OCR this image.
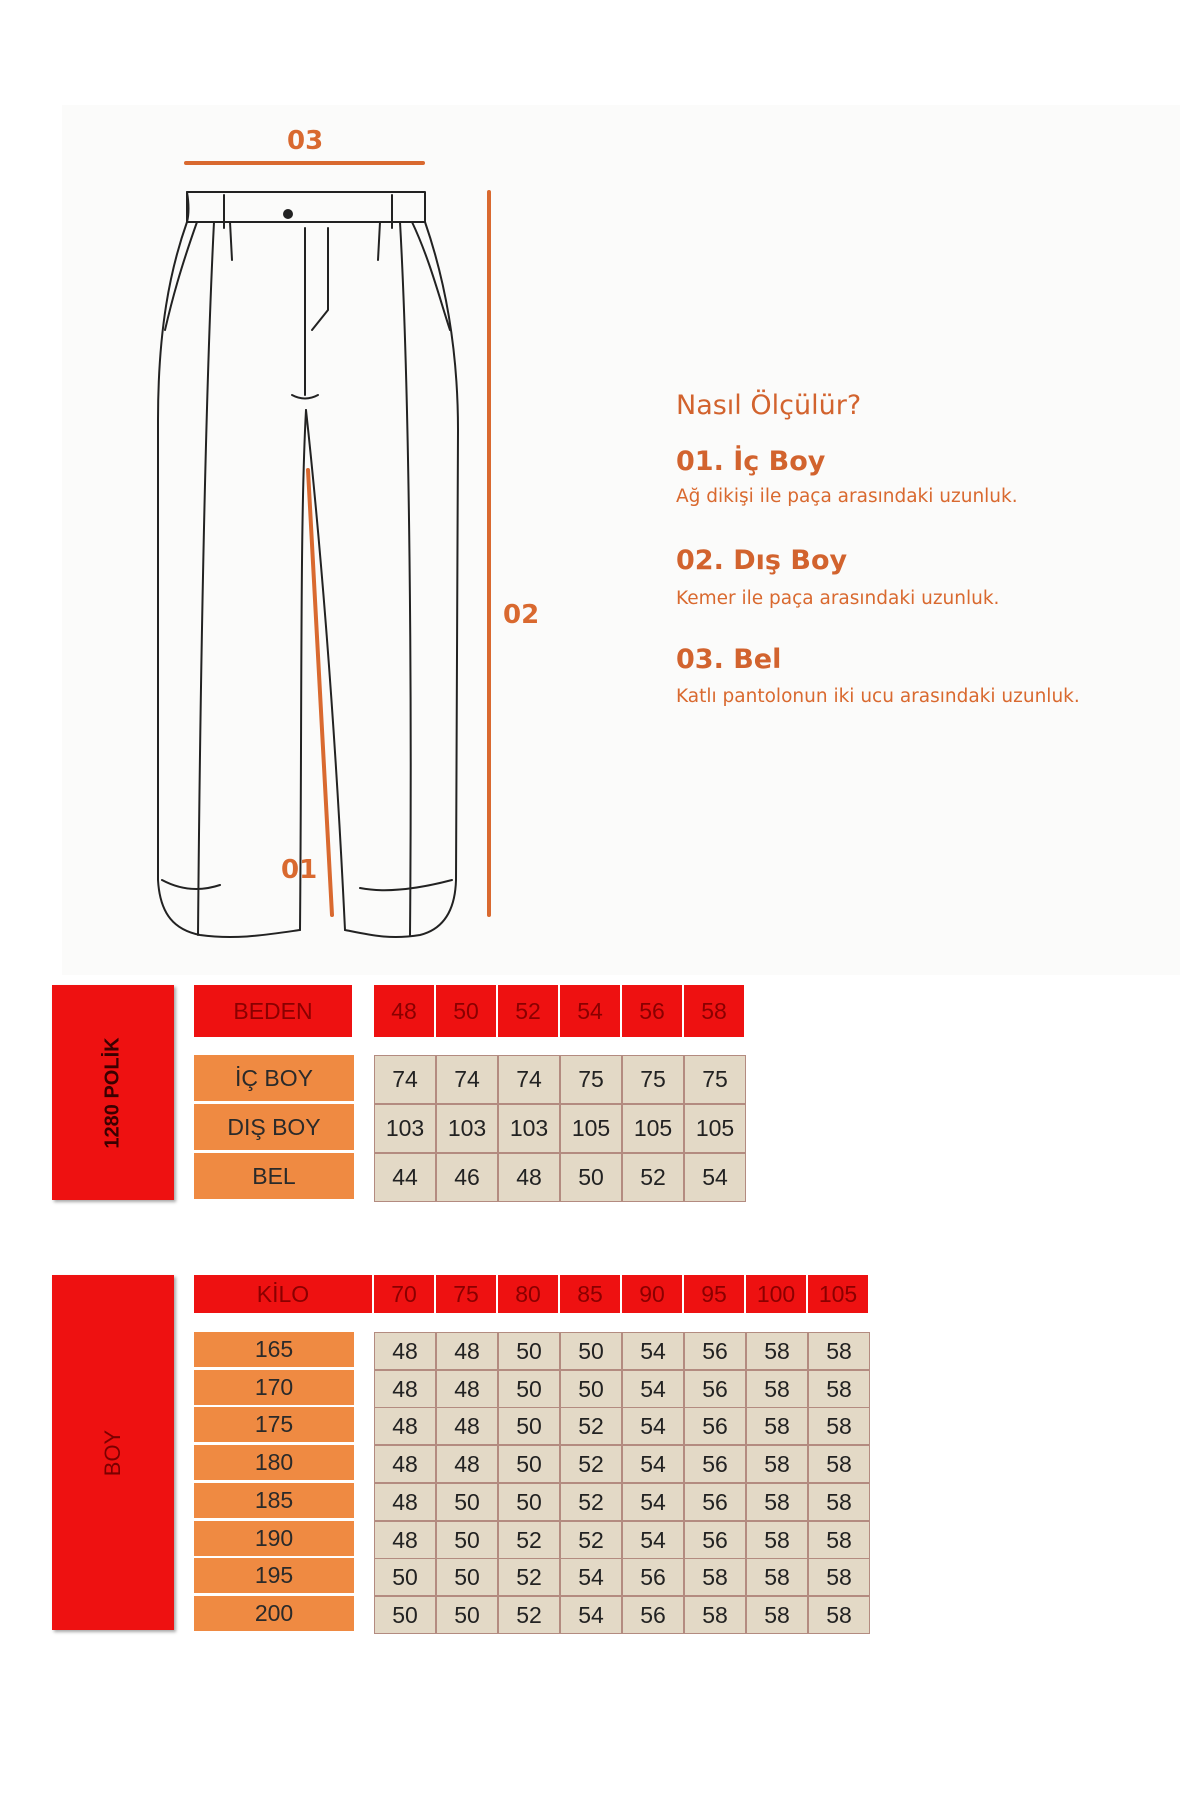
03
02
01
Nasıl Ölçülür?
01. İç Boy
Ağ dikişi ile paça arasındaki uzunluk.
02. Dış Boy
Kemer ile paça arasındaki uzunluk.
03. Bel
Katlı pantolonun iki ucu arasındaki uzunluk.
1280 POLİK
BEDEN	48	50	52	54	56	58
İÇ BOY	74	74	74	75	75	75
DIŞ BOY	103	103	103	105	105	105
BEL	44	46	48	50	52	54
BOY
KİLO	70	75	80	85	90	95	100	105
165	48	48	50	50	54	56	58	58
170	48	48	50	50	54	56	58	58
175	48	48	50	52	54	56	58	58
180	48	48	50	52	54	56	58	58
185	48	50	50	52	54	56	58	58
190	48	50	52	52	54	56	58	58
195	50	50	52	54	56	58	58	58
200	50	50	52	54	56	58	58	58
